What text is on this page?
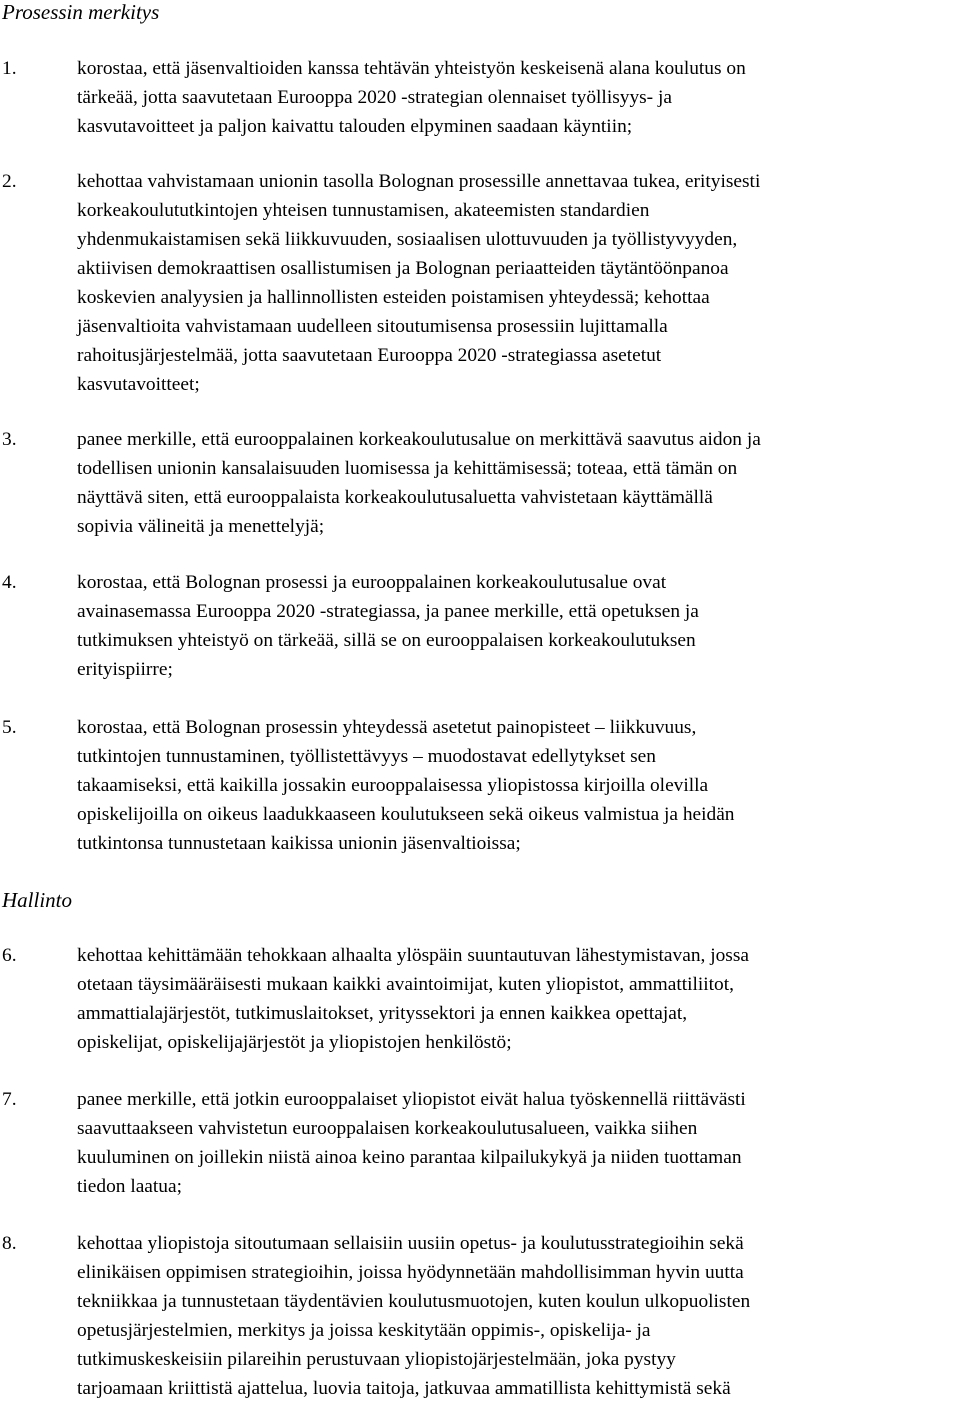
Prosessin merkitys
1.	korostaa, että jäsenvaltioiden kanssa tehtävän yhteistyön keskeisenä alana koulutus on
tärkeää, jotta saavutetaan Eurooppa 2020 -strategian olennaiset työllisyys- ja
kasvutavoitteet ja paljon kaivattu talouden elpyminen saadaan käyntiin;
2.	kehottaa vahvistamaan unionin tasolla Bolognan prosessille annettavaa tukea, erityisesti
korkeakoulututkintojen yhteisen tunnustamisen, akateemisten standardien
yhdenmukaistamisen sekä liikkuvuuden, sosiaalisen ulottuvuuden ja työllistyvyyden,
aktiivisen demokraattisen osallistumisen ja Bolognan periaatteiden täytäntöönpanoa
koskevien analyysien ja hallinnollisten esteiden poistamisen yhteydessä; kehottaa
jäsenvaltioita vahvistamaan uudelleen sitoutumisensa prosessiin lujittamalla
rahoitusjärjestelmää, jotta saavutetaan Eurooppa 2020 -strategiassa asetetut
kasvutavoitteet;
3.	panee merkille, että eurooppalainen korkeakoulutusalue on merkittävä saavutus aidon ja
todellisen unionin kansalaisuuden luomisessa ja kehittämisessä; toteaa, että tämän on
näyttävä siten, että eurooppalaista korkeakoulutusaluetta vahvistetaan käyttämällä
sopivia välineitä ja menettelyjä;
4.	korostaa, että Bolognan prosessi ja eurooppalainen korkeakoulutusalue ovat
avainasemassa Eurooppa 2020 -strategiassa, ja panee merkille, että opetuksen ja
tutkimuksen yhteistyö on tärkeää, sillä se on eurooppalaisen korkeakoulutuksen
erityispiirre;
5.	korostaa, että Bolognan prosessin yhteydessä asetetut painopisteet – liikkuvuus,
tutkintojen tunnustaminen, työllistettävyys – muodostavat edellytykset sen
takaamiseksi, että kaikilla jossakin eurooppalaisessa yliopistossa kirjoilla olevilla
opiskelijoilla on oikeus laadukkaaseen koulutukseen sekä oikeus valmistua ja heidän
tutkintonsa tunnustetaan kaikissa unionin jäsenvaltioissa;
Hallinto
6.	kehottaa kehittämään tehokkaan alhaalta ylöspäin suuntautuvan lähestymistavan, jossa
otetaan täysimääräisesti mukaan kaikki avaintoimijat, kuten yliopistot, ammattiliitot,
ammattialajärjestöt, tutkimuslaitokset, yrityssektori ja ennen kaikkea opettajat,
opiskelijat, opiskelijajärjestöt ja yliopistojen henkilöstö;
7.	panee merkille, että jotkin eurooppalaiset yliopistot eivät halua työskennellä riittävästi
saavuttaakseen vahvistetun eurooppalaisen korkeakoulutusalueen, vaikka siihen
kuuluminen on joillekin niistä ainoa keino parantaa kilpailukykyä ja niiden tuottaman
tiedon laatua;
8.	kehottaa yliopistoja sitoutumaan sellaisiin uusiin opetus- ja koulutusstrategioihin sekä
elinikäisen oppimisen strategioihin, joissa hyödynnetään mahdollisimman hyvin uutta
tekniikkaa ja tunnustetaan täydentävien koulutusmuotojen, kuten koulun ulkopuolisten
opetusjärjestelmien, merkitys ja joissa keskitytään oppimis-, opiskelija- ja
tutkimuskeskeisiin pilareihin perustuvaan yliopistojärjestelmään, joka pystyy
tarjoamaan kriittistä ajattelua, luovia taitoja, jatkuvaa ammatillista kehittymistä sekä
